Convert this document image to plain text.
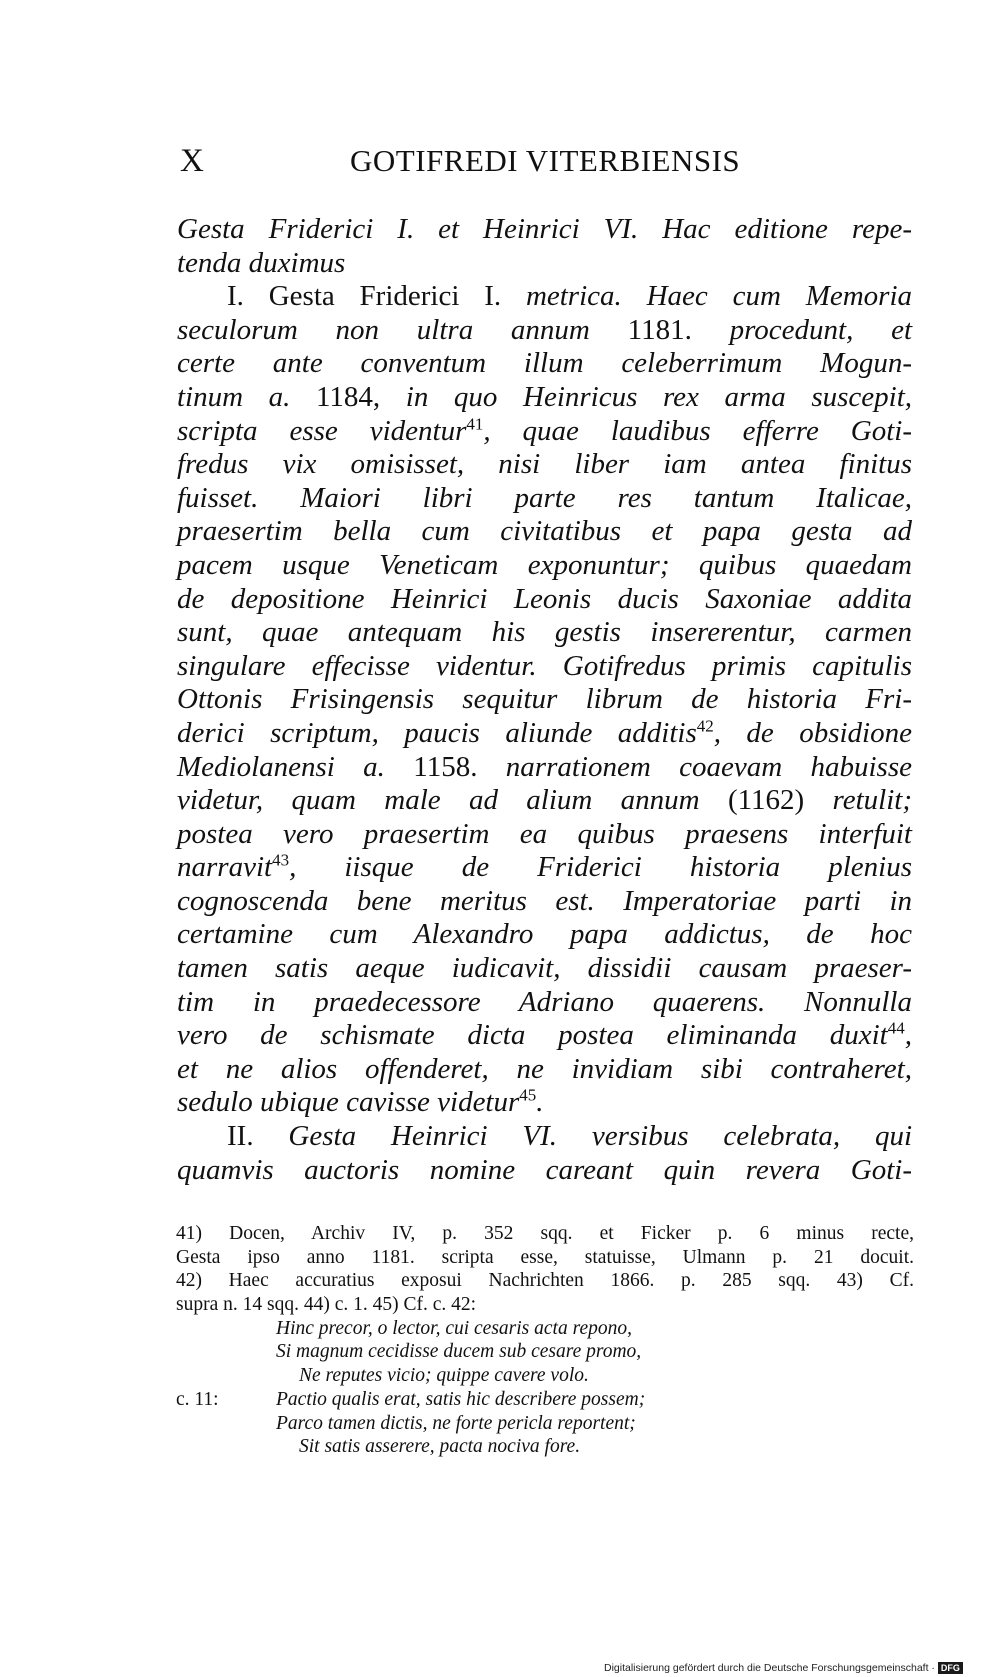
X	GOTIFREDI VITERBIENSIS
Gesta Friderici I. et Heinrici VI. Hac editione repe-
tenda duximus
I. Gesta Friderici I. metrica. Haec cum Memoria
seculorum non ultra annum 1181. procedunt, et
certe ante conventum illum celeberrimum Mogun-
tinum a. 1184, in quo Heinricus rex arma suscepit,
scripta esse videntur$^{41}$, quae laudibus efferre Goti-
fredus vix omisisset, nisi liber iam antea finitus
fuisset. Maiori libri parte res tantum Italicae,
praesertim bella cum civitatibus et papa gesta ad
pacem usque Veneticam exponuntur; quibus quaedam
de depositione Heinrici Leonis ducis Saxoniae addita
sunt, quae antequam his gestis insererentur, carmen
singulare effecisse videntur. Gotifredus primis capitulis
Ottonis Frisingensis sequitur librum de historia Fri-
derici scriptum, paucis aliunde additis$^{42}$, de obsidione
Mediolanensi a. 1158. narrationem coaevam habuisse
videtur, quam male ad alium annum (1162) retulit;
postea vero praesertim ea quibus praesens interfuit
narravit$^{43}$, iisque de Friderici historia plenius
cognoscenda bene meritus est. Imperatoriae parti in
certamine cum Alexandro papa addictus, de hoc
tamen satis aeque iudicavit, dissidii causam praeser-
tim in praedecessore Adriano quaerens. Nonnulla
vero de schismate dicta postea eliminanda duxit$^{44}$,
et ne alios offenderet, ne invidiam sibi contraheret,
sedulo ubique cavisse videtur$^{45}$.
II. Gesta Heinrici VI. versibus celebrata, qui
quamvis auctoris nomine careant quin revera Goti-
41) Docen, Archiv IV, p. 352 sqq. et Ficker p. 6 minus recte,
Gesta ipso anno 1181. scripta esse, statuisse, Ulmann p. 21 docuit.
42) Haec accuratius exposui Nachrichten 1866. p. 285 sqq. 43) Cf.
supra n. 14 sqq. 44) c. 1. 45) Cf. c. 42:
Hinc precor, o lector, cui cesaris acta repono,
Si magnum cecidisse ducem sub cesare promo,
Ne reputes vicio; quippe cavere volo.
c. 11:	Pactio qualis erat, satis hic describere possem;
Parco tamen dictis, ne forte pericla reportent;
Sit satis asserere, pacta nociva fore.
Digitalisierung gefördert durch die Deutsche Forschungsgemeinschaft · DFG
